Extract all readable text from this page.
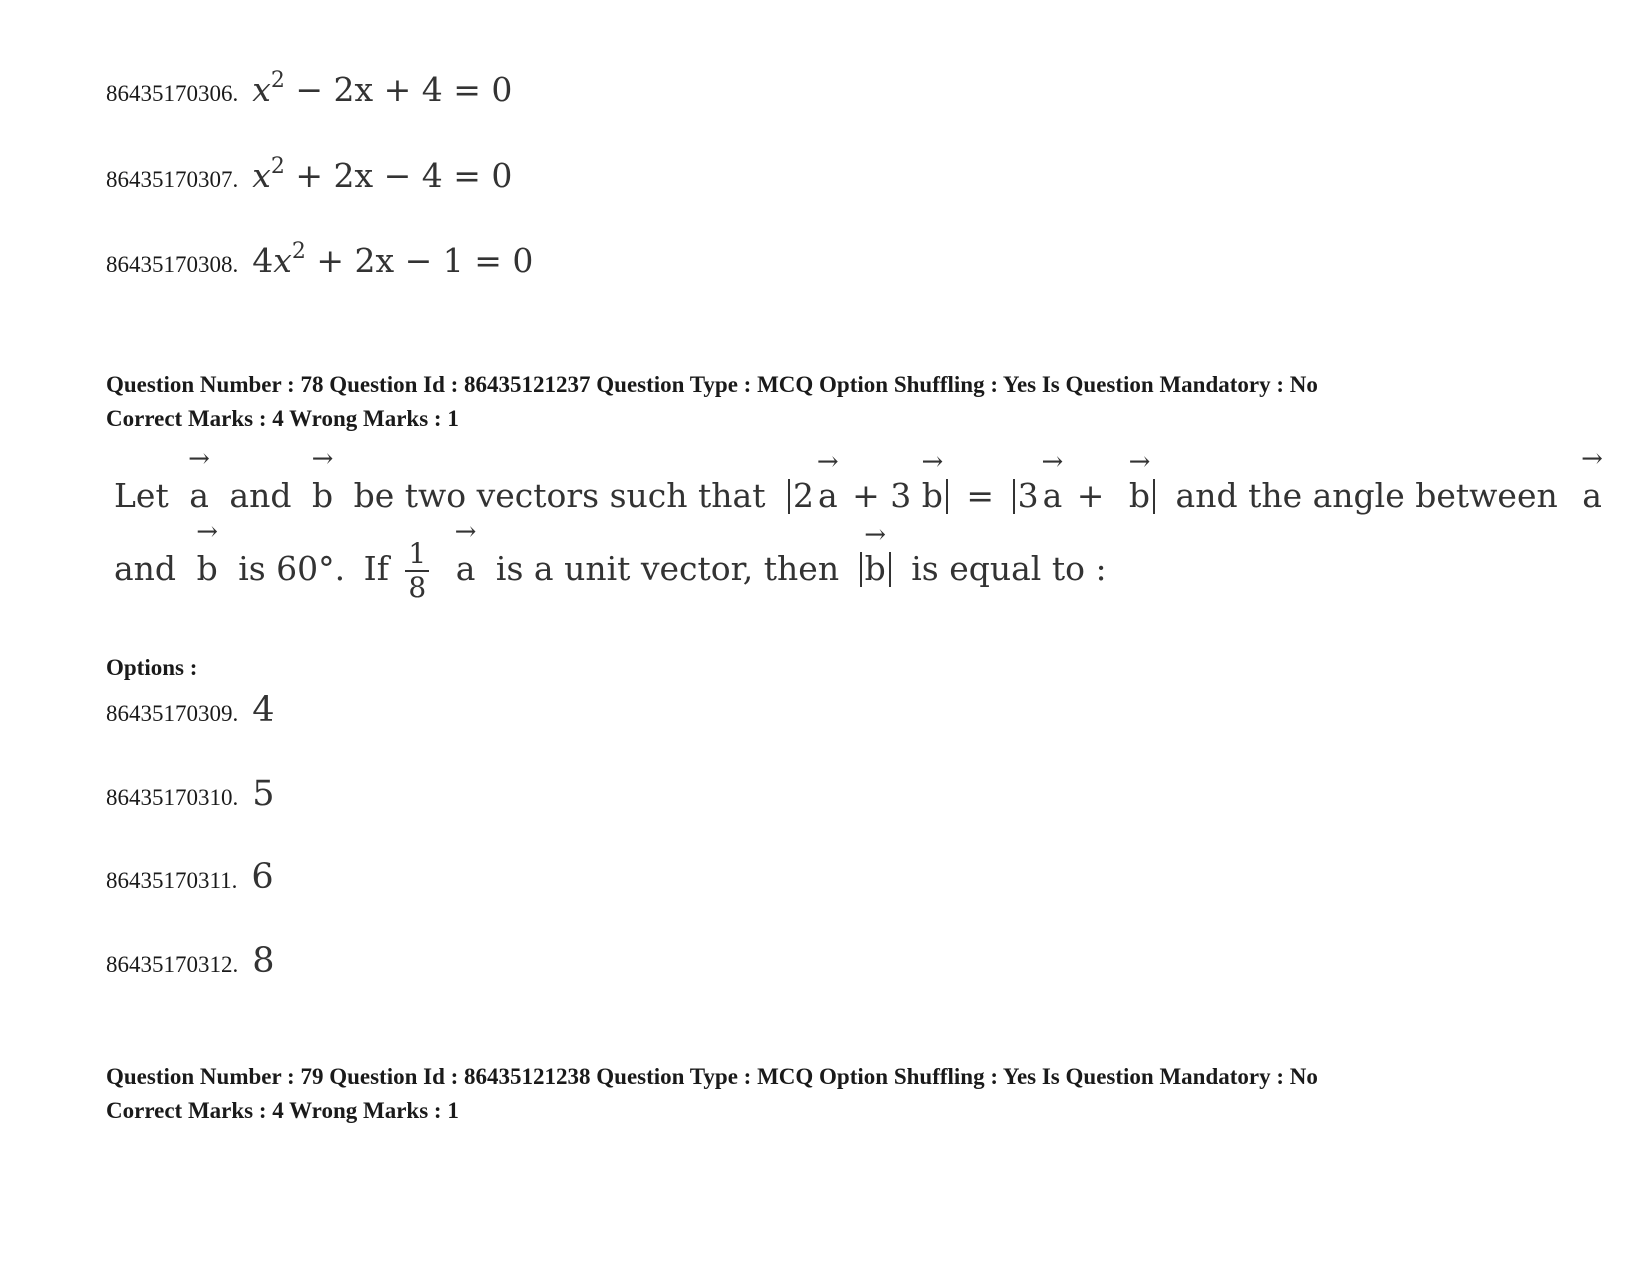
86435170306. $x^2 - 2x + 4 = 0$
86435170307. $x^2 + 2x - 4 = 0$
86435170308. $4x^2 + 2x - 1 = 0$
Question Number : 78 Question Id : 86435121237 Question Type : MCQ Option Shuffling : Yes Is Question Mandatory : No
Correct Marks : 4 Wrong Marks : 1
Let
→
a and
→
b be two vectors such that 2
→
a + 3
→
b = 3
→
a +
→
b and the angle between
→
a
and
→
b is 60°. If $\frac{1}{8}$

→
a is a unit vector, then
→
b is equal to :
Options :
86435170309. 4
86435170310. 5
86435170311. 6
86435170312. 8
Question Number : 79 Question Id : 86435121238 Question Type : MCQ Option Shuffling : Yes Is Question Mandatory : No
Correct Marks : 4 Wrong Marks : 1
